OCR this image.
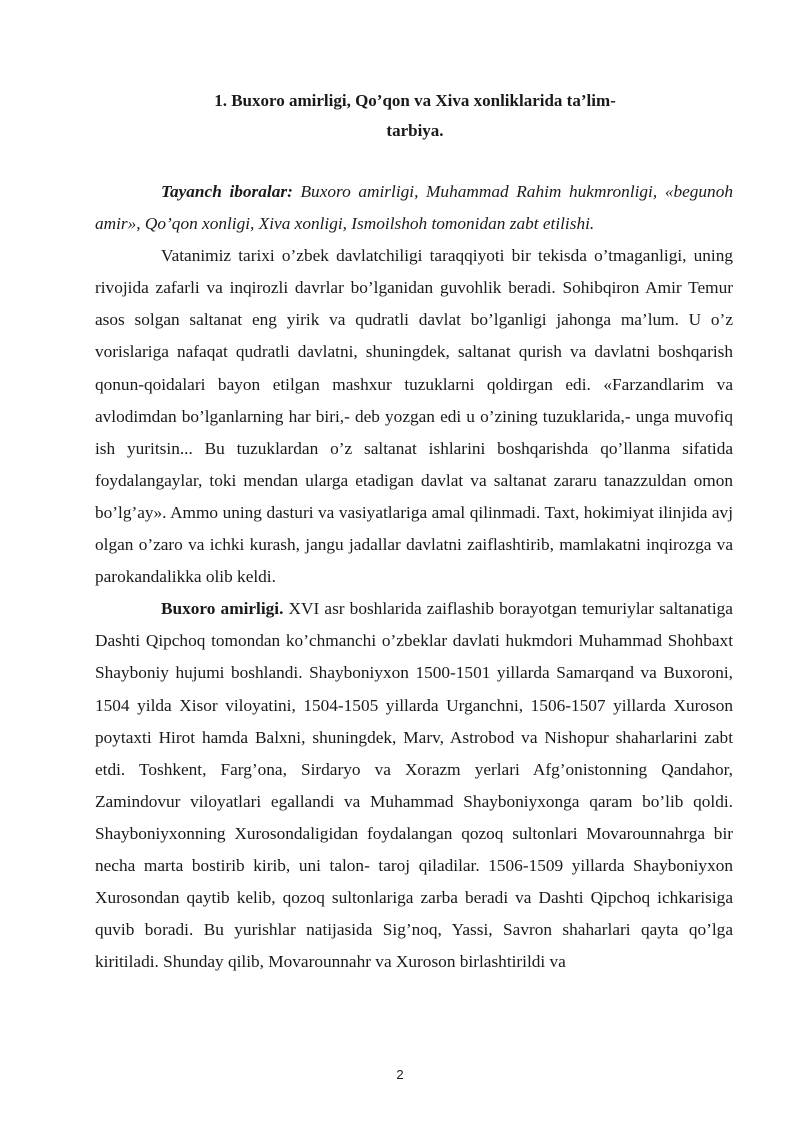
1. Buxoro amirligi, Qo’qon va Xiva xonliklarida ta’lim-
tarbiya.

Tayanch iboralar: Buxoro amirligi, Muhammad Rahim hukmronligi, «begunoh amir», Qo’qon xonligi, Xiva xonligi, Ismoilshoh tomonidan zabt etilishi.

Vatanimiz tarixi o’zbek davlatchiligi taraqqiyoti bir tekisda o’tmaganligi, uning rivojida zafarli va inqirozli davrlar bo’lganidan guvohlik beradi. Sohibqiron Amir Temur asos solgan saltanat eng yirik va qudratli davlat bo’lganligi jahonga ma’lum. U o’z vorislariga nafaqat qudratli davlatni, shuningdek, saltanat qurish va davlatni boshqarish qonun-qoidalari bayon etilgan mashxur tuzuklarni qoldirgan edi. «Farzandlarim va avlodimdan bo’lganlarning har biri,- deb yozgan edi u o’zining tuzuklarida,- unga muvofiq ish yuritsin... Bu tuzuklardan o’z saltanat ishlarini boshqarishda qo’llanma sifatida foydalangaylar, toki mendan ularga etadigan davlat va saltanat zararu tanazzuldan omon bo’lg’ay». Ammo uning dasturi va vasiyatlariga amal qilinmadi. Taxt, hokimiyat ilinjida avj olgan o’zaro va ichki kurash, jangu jadallar davlatni zaiflashtirib, mamlakatni inqirozga va parokandalikka olib keldi.

Buxoro amirligi. XVI asr boshlarida zaiflashib borayotgan temuriylar saltanatiga Dashti Qipchoq tomondan ko’chmanchi o’zbeklar davlati hukmdori Muhammad Shohbaxt Shayboniy hujumi boshlandi. Shayboniyxon 1500-1501 yillarda Samarqand va Buxoroni, 1504 yilda Xisor viloyatini, 1504-1505 yillarda Urganchni, 1506-1507 yillarda Xuroson poytaxti Hirot hamda Balxni, shuningdek, Marv, Astrobod va Nishopur shaharlarini zabt etdi. Toshkent, Farg’ona, Sirdaryo va Xorazm yerlari Afg’onistonning Qandahor, Zamindovur viloyatlari egallandi va Muhammad Shayboniyxonga qaram bo’lib qoldi. Shayboniyxonning Xurosondaligidan foydalangan qozoq sultonlari Movarounnahrga bir necha marta bostirib kirib, uni talon- taroj qiladilar. 1506-1509 yillarda Shayboniyxon Xurosondan qaytib kelib, qozoq sultonlariga zarba beradi va Dashti Qipchoq ichkarisiga quvib boradi. Bu yurishlar natijasida Sig’noq, Yassi, Savron shaharlari qayta qo’lga kiritiladi. Shunday qilib, Movarounnahr va Xuroson birlashtirildi va

2
